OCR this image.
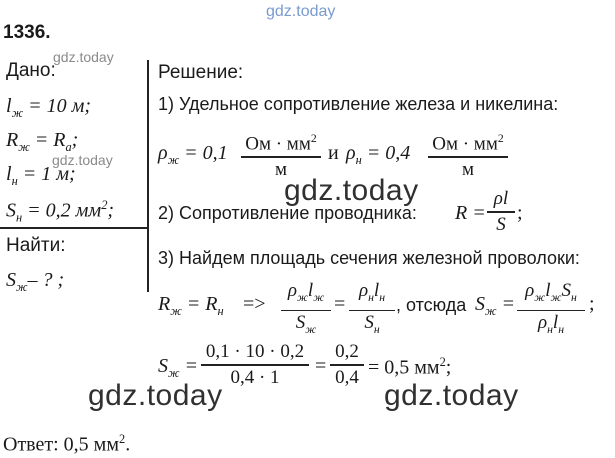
gdz.today
gdz.today
gdz.today
gdz.today
gdz.today	gdz.today
1336.
Дано:
$l_ж = 10$ м;
$R_ж = R_а$;
$l_н = 1$ м;
$S_н = 0,2$ $мм^2$;
Найти:
$S_ж-$ ? ;
Решение:
1) Удельное сопротивление железа и никелина:
$\rho_ж = 0,1$ Ом · $мм^2$
м
и $\rho_н = 0,4$ Ом · $мм^2$
м
2) Сопротивление проводника: R =
ρl
S ;
3) Найдем площадь сечения железной проволоки:
$R_ж = R_н$ =>
$\rho_жl_ж$
$S_ж$
=
$\rho_нl_н$
$S_н$
, отсюда $S_ж$ =
$\rho_жl_жS_н$
$\rho_нl_н$
;
$S_ж$ =
0,1 · 10 · 0,2
0,4 · 1	=
0,2
0,4 = 0,5 $мм^2$;
Ответ: 0,5 $мм^2$.
